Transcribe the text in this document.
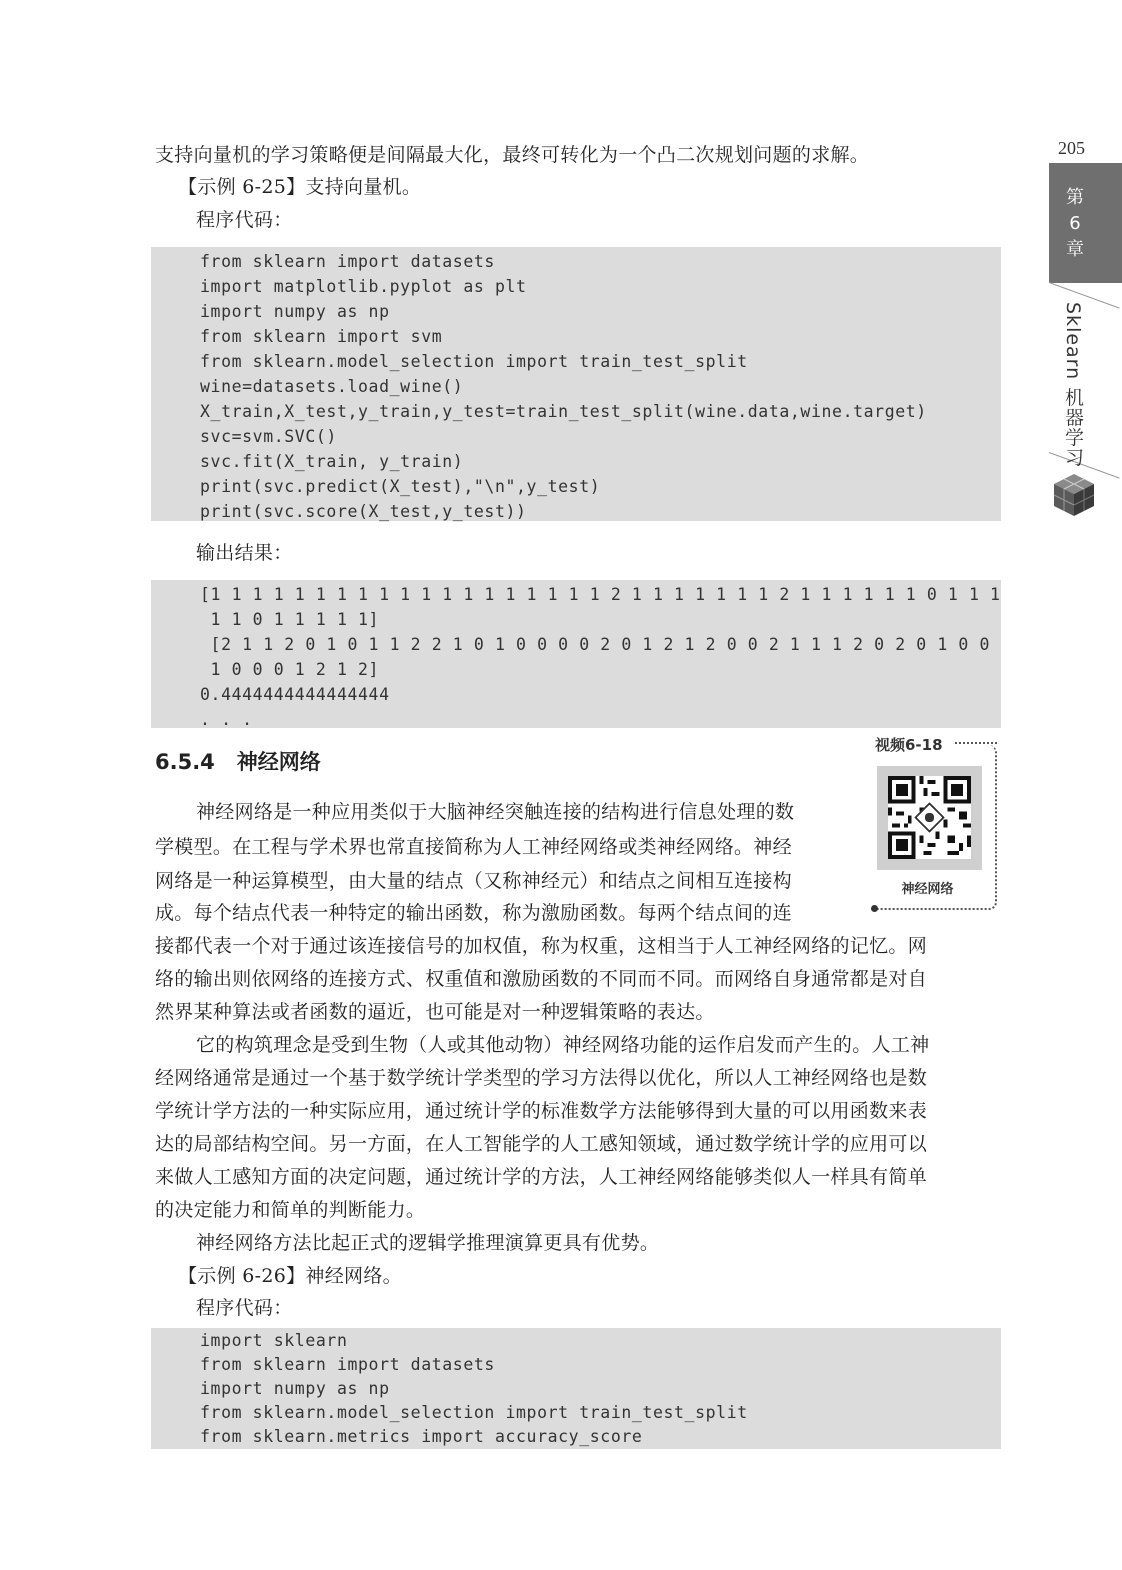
205
第
6
章
Sklearn 机器学习
支持向量机的学习策略便是间隔最大化，最终可转化为一个凸二次规划问题的求解。
【示例 6-25】支持向量机。
程序代码：
from sklearn import datasets
import matplotlib.pyplot as plt
import numpy as np
from sklearn import svm
from sklearn.model_selection import train_test_split
wine=datasets.load_wine()
X_train,X_test,y_train,y_test=train_test_split(wine.data,wine.target)
svc=svm.SVC()
svc.fit(X_train, y_train)
print(svc.predict(X_test),"\n",y_test)
print(svc.score(X_test,y_test))
输出结果：
[1 1 1 1 1 1 1 1 1 1 1 1 1 1 1 1 1 1 1 2 1 1 1 1 1 1 1 2 1 1 1 1 1 1 0 1 1 1
1 1 0 1 1 1 1 1]
[2 1 1 2 0 1 0 1 1 2 2 1 0 1 0 0 0 0 2 0 1 2 1 2 0 0 2 1 1 1 2 0 2 0 1 0 0
1 0 0 0 1 2 1 2]
0.4444444444444444
. . .
6.5.4 神经网络
视频6-18
神经网络
神经网络是一种应用类似于大脑神经突触连接的结构进行信息处理的数
学模型。在工程与学术界也常直接简称为人工神经网络或类神经网络。神经
网络是一种运算模型，由大量的结点（又称神经元）和结点之间相互连接构
成。每个结点代表一种特定的输出函数，称为激励函数。每两个结点间的连
接都代表一个对于通过该连接信号的加权值，称为权重，这相当于人工神经网络的记忆。网
络的输出则依网络的连接方式、权重值和激励函数的不同而不同。而网络自身通常都是对自
然界某种算法或者函数的逼近，也可能是对一种逻辑策略的表达。
它的构筑理念是受到生物（人或其他动物）神经网络功能的运作启发而产生的。人工神
经网络通常是通过一个基于数学统计学类型的学习方法得以优化，所以人工神经网络也是数
学统计学方法的一种实际应用，通过统计学的标准数学方法能够得到大量的可以用函数来表
达的局部结构空间。另一方面，在人工智能学的人工感知领域，通过数学统计学的应用可以
来做人工感知方面的决定问题，通过统计学的方法，人工神经网络能够类似人一样具有简单
的决定能力和简单的判断能力。
神经网络方法比起正式的逻辑学推理演算更具有优势。
【示例 6-26】神经网络。
程序代码：
import sklearn
from sklearn import datasets
import numpy as np
from sklearn.model_selection import train_test_split
from sklearn.metrics import accuracy_score
